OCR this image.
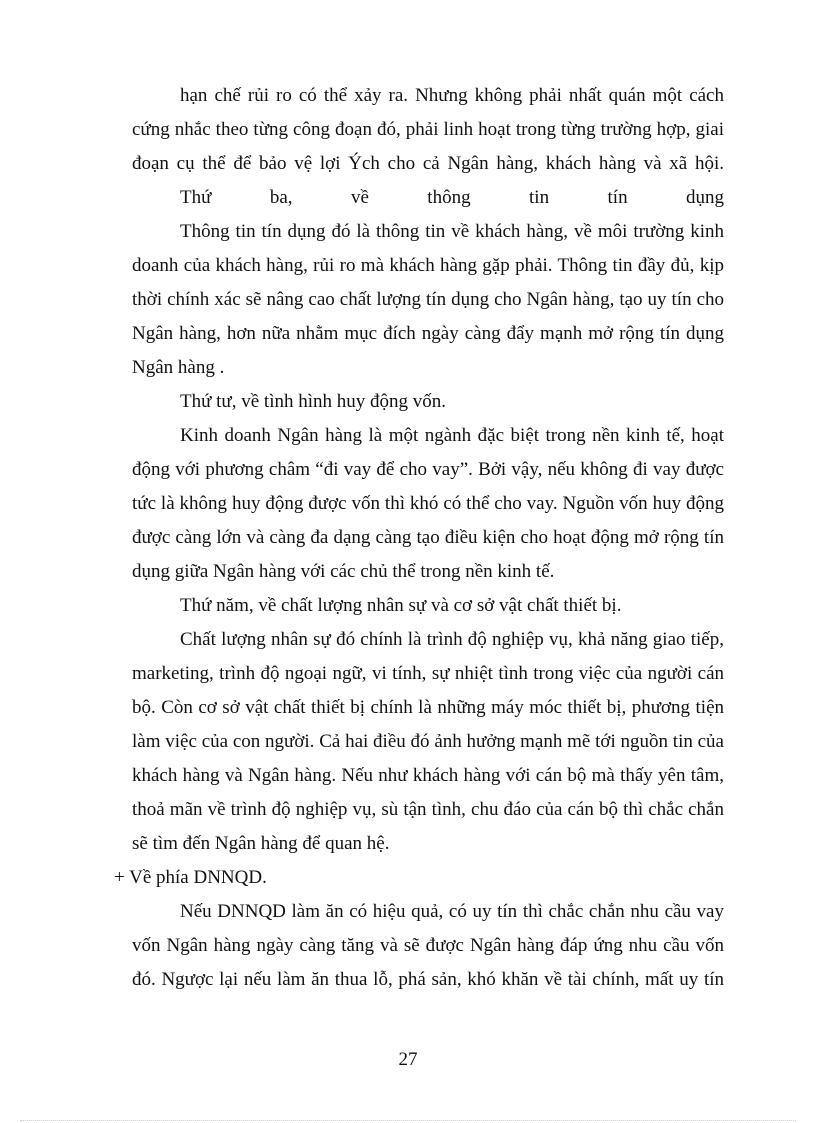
hạn chế rủi ro có thể xảy ra. Nhưng không phải nhất quán một cách

cứng nhắc theo từng công đoạn đó, phải linh hoạt trong từng trường hợp, giai

đoạn cụ thể để bảo vệ lợi Ých cho cả Ngân hàng, khách hàng và xã hội.

Thứ ba, về thông tin tín dụng

Thông tin tín dụng đó là thông tin về khách hàng, về môi trường kinh

doanh của khách hàng, rủi ro mà khách hàng gặp phải. Thông tin đầy đủ, kịp

thời chính xác sẽ nâng cao chất lượng tín dụng cho Ngân hàng, tạo uy tín cho

Ngân hàng, hơn nữa nhằm mục đích ngày càng đẩy mạnh mở rộng tín dụng

Ngân hàng .

Thứ tư, về tình hình huy động vốn.

Kinh doanh Ngân hàng là một ngành đặc biệt trong nền kinh tế, hoạt

động với phương châm “đi vay để cho vay”. Bởi vậy, nếu không đi vay được

tức là không huy động được vốn thì khó có thể cho vay. Nguồn vốn huy động

được càng lớn và càng đa dạng càng tạo điều kiện cho hoạt động mở rộng tín

dụng giữa Ngân hàng với các chủ thể trong nền kinh tế.

Thứ năm, về chất lượng nhân sự và cơ sở vật chất thiết bị.

Chất lượng nhân sự đó chính là trình độ nghiệp vụ, khả năng giao tiếp,

marketing, trình độ ngoại ngữ, vi tính, sự nhiệt tình trong việc của người cán

bộ. Còn cơ sở vật chất thiết bị chính là những máy móc thiết bị, phương tiện

làm việc của con người. Cả hai điều đó ảnh hưởng mạnh mẽ tới nguồn tin của

khách hàng và Ngân hàng. Nếu như khách hàng với cán bộ mà thấy yên tâm,

thoả mãn về trình độ nghiệp vụ, sù tận tình, chu đáo của cán bộ thì chắc chắn

sẽ tìm đến Ngân hàng để quan hệ.

+ Về phía DNNQD.

Nếu DNNQD làm ăn có hiệu quả, có uy tín thì chắc chắn nhu cầu vay

vốn Ngân hàng ngày càng tăng và sẽ được Ngân hàng đáp ứng nhu cầu vốn

đó. Ngược lại nếu làm ăn thua lỗ, phá sản, khó khăn về tài chính, mất uy tín

27
